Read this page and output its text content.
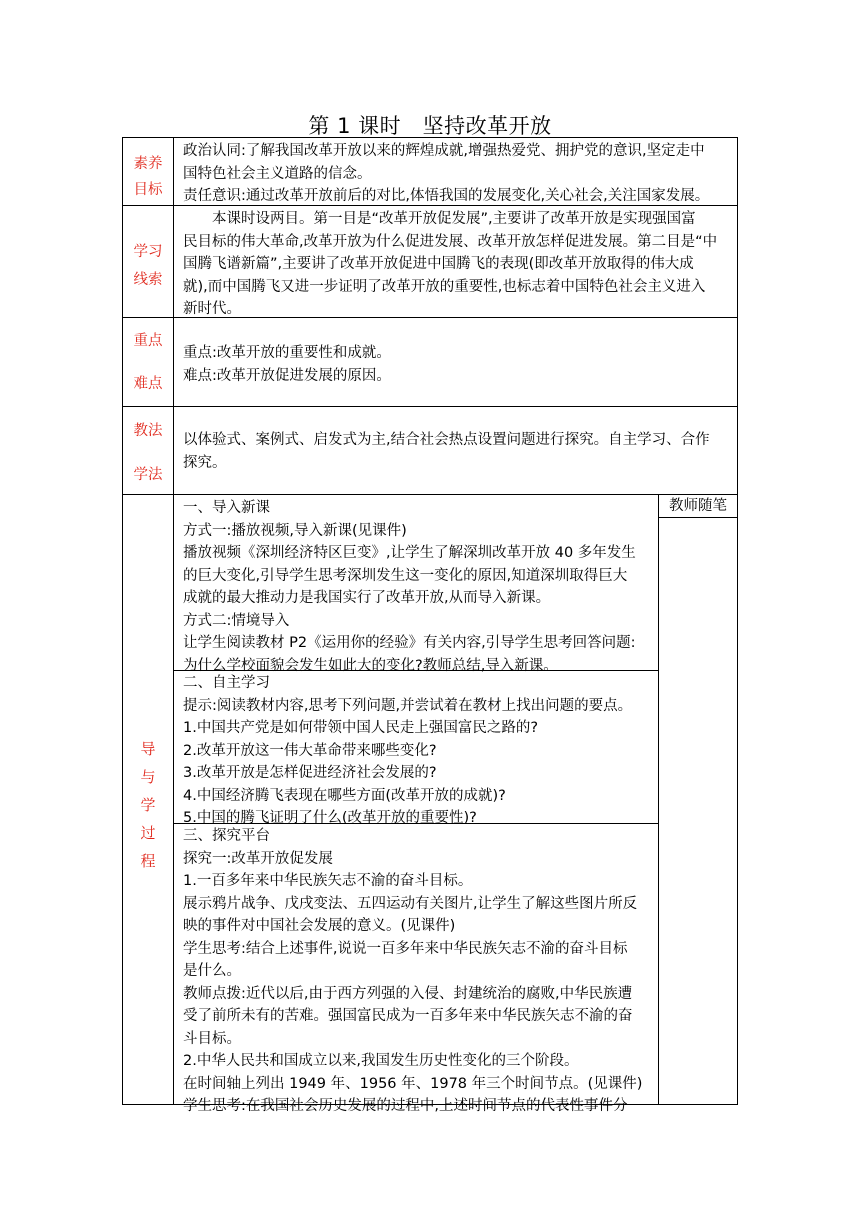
第 1 课时　坚持改革开放
素养
目标

政治认同:了解我国改革开放以来的辉煌成就,增强热爱党、拥护党的意识,坚定走中

国特色社会主义道路的信念。

责任意识:通过改革开放前后的对比,体悟我国的发展变化,关心社会,关注国家发展。

学习
线索

本课时设两目。第一目是“改革开放促发展”,主要讲了改革开放是实现强国富

民目标的伟大革命,改革开放为什么促进发展、改革开放怎样促进发展。第二目是“中

国腾飞谱新篇”,主要讲了改革开放促进中国腾飞的表现(即改革开放取得的伟大成

就),而中国腾飞又进一步证明了改革开放的重要性,也标志着中国特色社会主义进入

新时代。

重点
难点

重点:改革开放的重要性和成就。

难点:改革开放促进发展的原因。

教法
学法

以体验式、案例式、启发式为主,结合社会热点设置问题进行探究。自主学习、合作

探究。

导
与
学
过
程

一、导入新课

方式一:播放视频,导入新课(见课件)

播放视频《深圳经济特区巨变》,让学生了解深圳改革开放 40 多年发生

的巨大变化,引导学生思考深圳发生这一变化的原因,知道深圳取得巨大

成就的最大推动力是我国实行了改革开放,从而导入新课。

方式二:情境导入

让学生阅读教材 P2《运用你的经验》有关内容,引导学生思考回答问题:

为什么学校面貌会发生如此大的变化?教师总结,导入新课。

二、自主学习

提示:阅读教材内容,思考下列问题,并尝试着在教材上找出问题的要点。

1.中国共产党是如何带领中国人民走上强国富民之路的?

2.改革开放这一伟大革命带来哪些变化?

3.改革开放是怎样促进经济社会发展的?

4.中国经济腾飞表现在哪些方面(改革开放的成就)?

5.中国的腾飞证明了什么(改革开放的重要性)?

三、探究平台

探究一:改革开放促发展

1.一百多年来中华民族矢志不渝的奋斗目标。

展示鸦片战争、戊戌变法、五四运动有关图片,让学生了解这些图片所反

映的事件对中国社会发展的意义。(见课件)

学生思考:结合上述事件,说说一百多年来中华民族矢志不渝的奋斗目标

是什么。

教师点拨:近代以后,由于西方列强的入侵、封建统治的腐败,中华民族遭

受了前所未有的苦难。强国富民成为一百多年来中华民族矢志不渝的奋

斗目标。

2.中华人民共和国成立以来,我国发生历史性变化的三个阶段。

在时间轴上列出 1949 年、1956 年、1978 年三个时间节点。(见课件)

学生思考:在我国社会历史发展的过程中,上述时间节点的代表性事件分

教师随笔
